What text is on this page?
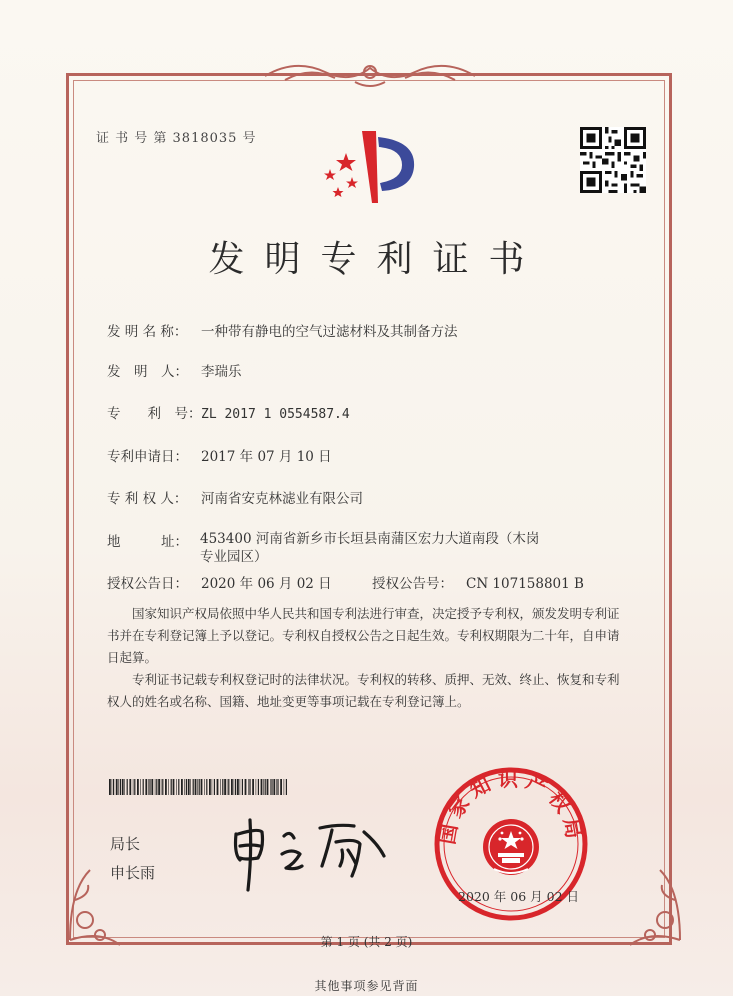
证 书 号 第 3818035 号
发明专利证书
发 明 名 称： 一种带有静电的空气过滤材料及其制备方法
发　明　人： 李瑞乐
专　　利　号：ZL 2017 1 0554587.4
专利申请日： 2017 年 07 月 10 日
专 利 权 人： 河南省安克林滤业有限公司
地　　　址： 453400 河南省新乡市长垣县南蒲区宏力大道南段（木岗专业园区）
授权公告日： 2020 年 06 月 02 日	授权公告号： CN 107158801 B
国家知识产权局依照中华人民共和国专利法进行审查，决定授予专利权，颁发发明专利证书并在专利登记簿上予以登记。专利权自授权公告之日起生效。专利权期限为二十年，自申请日起算。
专利证书记载专利权登记时的法律状况。专利权的转移、质押、无效、终止、恢复和专利权人的姓名或名称、国籍、地址变更等事项记载在专利登记簿上。
局长
申长雨
国家知识产权局
2020 年 06 月 02 日
第 1 页 (共 2 页)
其他事项参见背面
